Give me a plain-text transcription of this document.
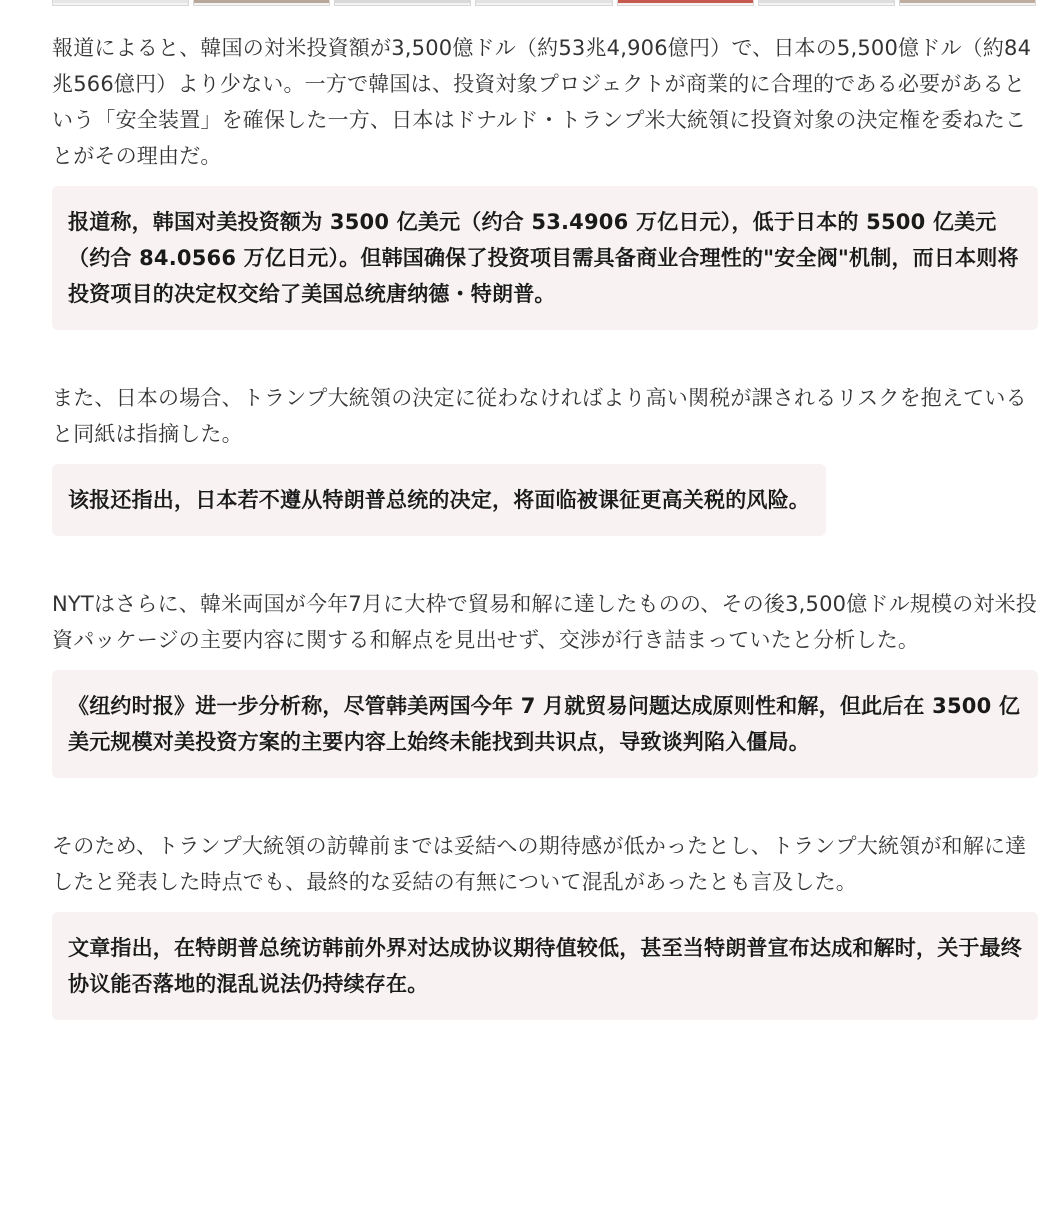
報道によると、韓国の対米投資額が3,500億ドル（約53兆4,906億円）で、日本の5,500億ドル（約84兆566億円）より少ない。一方で韓国は、投資対象プロジェクトが商業的に合理的である必要があるという「安全装置」を確保した一方、日本はドナルド・トランプ米大統領に投資対象の決定権を委ねたことがその理由だ。

报道称，韩国对美投资额为 3500 亿美元（约合 53.4906 万亿日元），低于日本的 5500 亿美元（约合 84.0566 万亿日元）。但韩国确保了投资项目需具备商业合理性的"安全阀"机制，而日本则将投资项目的决定权交给了美国总统唐纳德・特朗普。

また、日本の場合、トランプ大統領の決定に従わなければより高い関税が課されるリスクを抱えていると同紙は指摘した。

该报还指出，日本若不遵从特朗普总统的决定，将面临被课征更高关税的风险。

NYTはさらに、韓米両国が今年7月に大枠で貿易和解に達したものの、その後3,500億ドル規模の対米投資パッケージの主要内容に関する和解点を見出せず、交渉が行き詰まっていたと分析した。

《纽约时报》进一步分析称，尽管韩美两国今年 7 月就贸易问题达成原则性和解，但此后在 3500 亿美元规模对美投资方案的主要内容上始终未能找到共识点，导致谈判陷入僵局。

そのため、トランプ大統領の訪韓前までは妥結への期待感が低かったとし、トランプ大統領が和解に達したと発表した時点でも、最終的な妥結の有無について混乱があったとも言及した。

文章指出，在特朗普总统访韩前外界对达成协议期待值较低，甚至当特朗普宣布达成和解时，关于最终协议能否落地的混乱说法仍持续存在。
